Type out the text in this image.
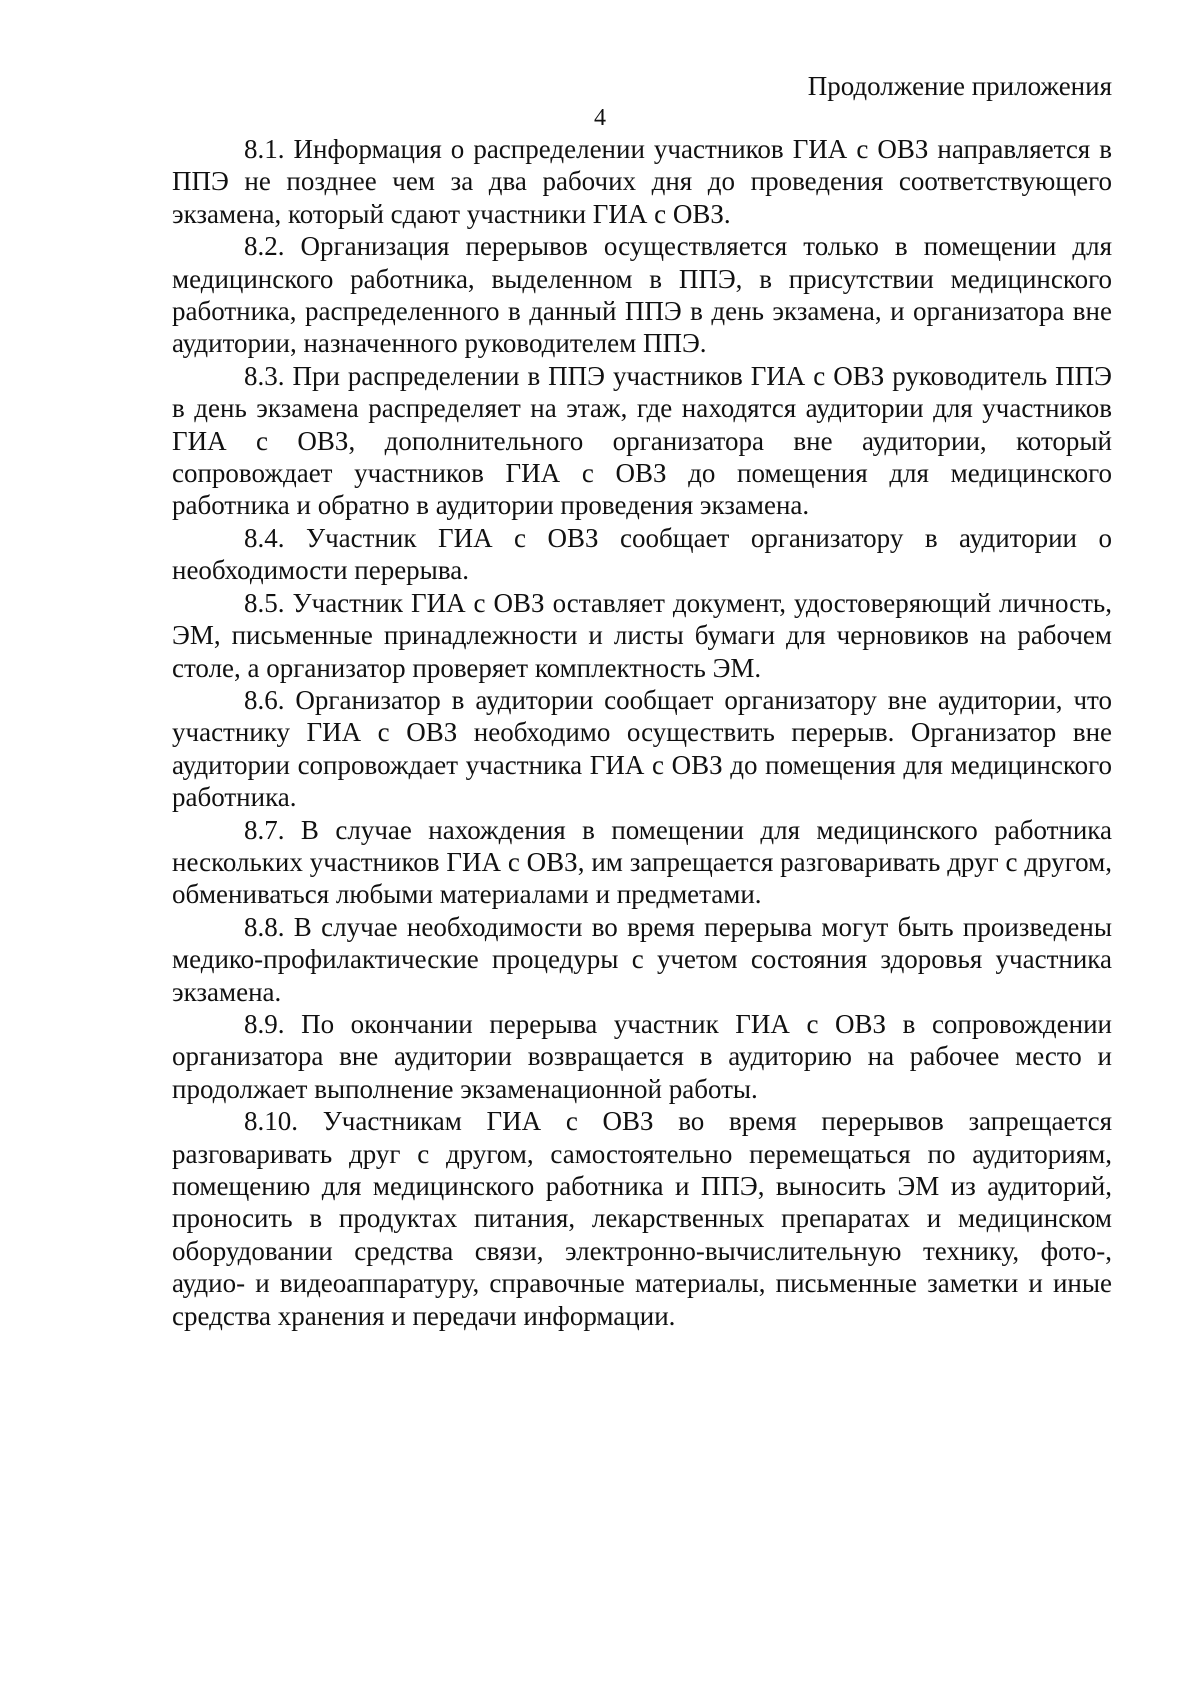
Продолжение приложения
4

8.1. Информация о распределении участников ГИА с ОВЗ направляется в ППЭ не позднее чем за два рабочих дня до проведения соответствующего экзамена, который сдают участники ГИА с ОВЗ.

8.2. Организация перерывов осуществляется только в помещении для медицинского работника, выделенном в ППЭ, в присутствии медицинского работника, распределенного в данный ППЭ в день экзамена, и организатора вне аудитории, назначенного руководителем ППЭ.

8.3. При распределении в ППЭ участников ГИА с ОВЗ руководитель ППЭ в день экзамена распределяет на этаж, где находятся аудитории для участников ГИА с ОВЗ, дополнительного организатора вне аудитории, который сопровождает участников ГИА с ОВЗ до помещения для медицинского работника и обратно в аудитории проведения экзамена.

8.4. Участник ГИА с ОВЗ сообщает организатору в аудитории о необходимости перерыва.

8.5. Участник ГИА с ОВЗ оставляет документ, удостоверяющий личность, ЭМ, письменные принадлежности и листы бумаги для черновиков на рабочем столе, а организатор проверяет комплектность ЭМ.

8.6. Организатор в аудитории сообщает организатору вне аудитории, что участнику ГИА с ОВЗ необходимо осуществить перерыв. Организатор вне аудитории сопровождает участника ГИА с ОВЗ до помещения для медицинского работника.

8.7. В случае нахождения в помещении для медицинского работника нескольких участников ГИА с ОВЗ, им запрещается разговаривать друг с другом, обмениваться любыми материалами и предметами.

8.8. В случае необходимости во время перерыва могут быть произведены медико-профилактические процедуры с учетом состояния здоровья участника экзамена.

8.9. По окончании перерыва участник ГИА с ОВЗ в сопровождении организатора вне аудитории возвращается в аудиторию на рабочее место и продолжает выполнение экзаменационной работы.

8.10. Участникам ГИА с ОВЗ во время перерывов запрещается разговаривать друг с другом, самостоятельно перемещаться по аудиториям, помещению для медицинского работника и ППЭ, выносить ЭМ из аудиторий, проносить в продуктах питания, лекарственных препаратах и медицинском оборудовании средства связи, электронно-вычислительную технику, фото-, аудио- и видеоаппаратуру, справочные материалы, письменные заметки и иные средства хранения и передачи информации.
